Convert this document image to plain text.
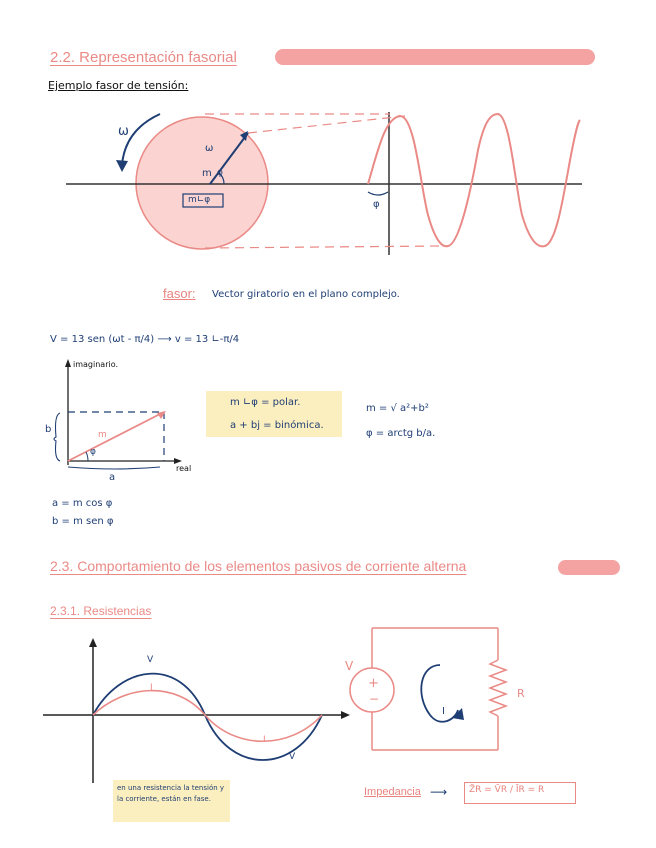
2.2. Representación fasorial
Ejemplo fasor de tensión:
ω
m
ω
φ
m∟φ	φ
fasor: Vector giratorio en el plano complejo.
V = 13 sen (ωt - π/4) ⟶ v = 13 ∟-π/4
imaginario.
real
b
a
m
φ
m ∟φ = polar.
a + bj = binómica.
m = √ a²+b²
φ = arctg b/a.
a = m cos φ
b = m sen φ
2.3. Comportamiento de los elementos pasivos de corriente alterna
2.3.1. Resistencias
V
I
I
V
en una resistencia la tensión y la corriente, están en fase.
V
+
−
I
R
Impedancia ⟶ Z̄R = V̄R / ĪR = R
